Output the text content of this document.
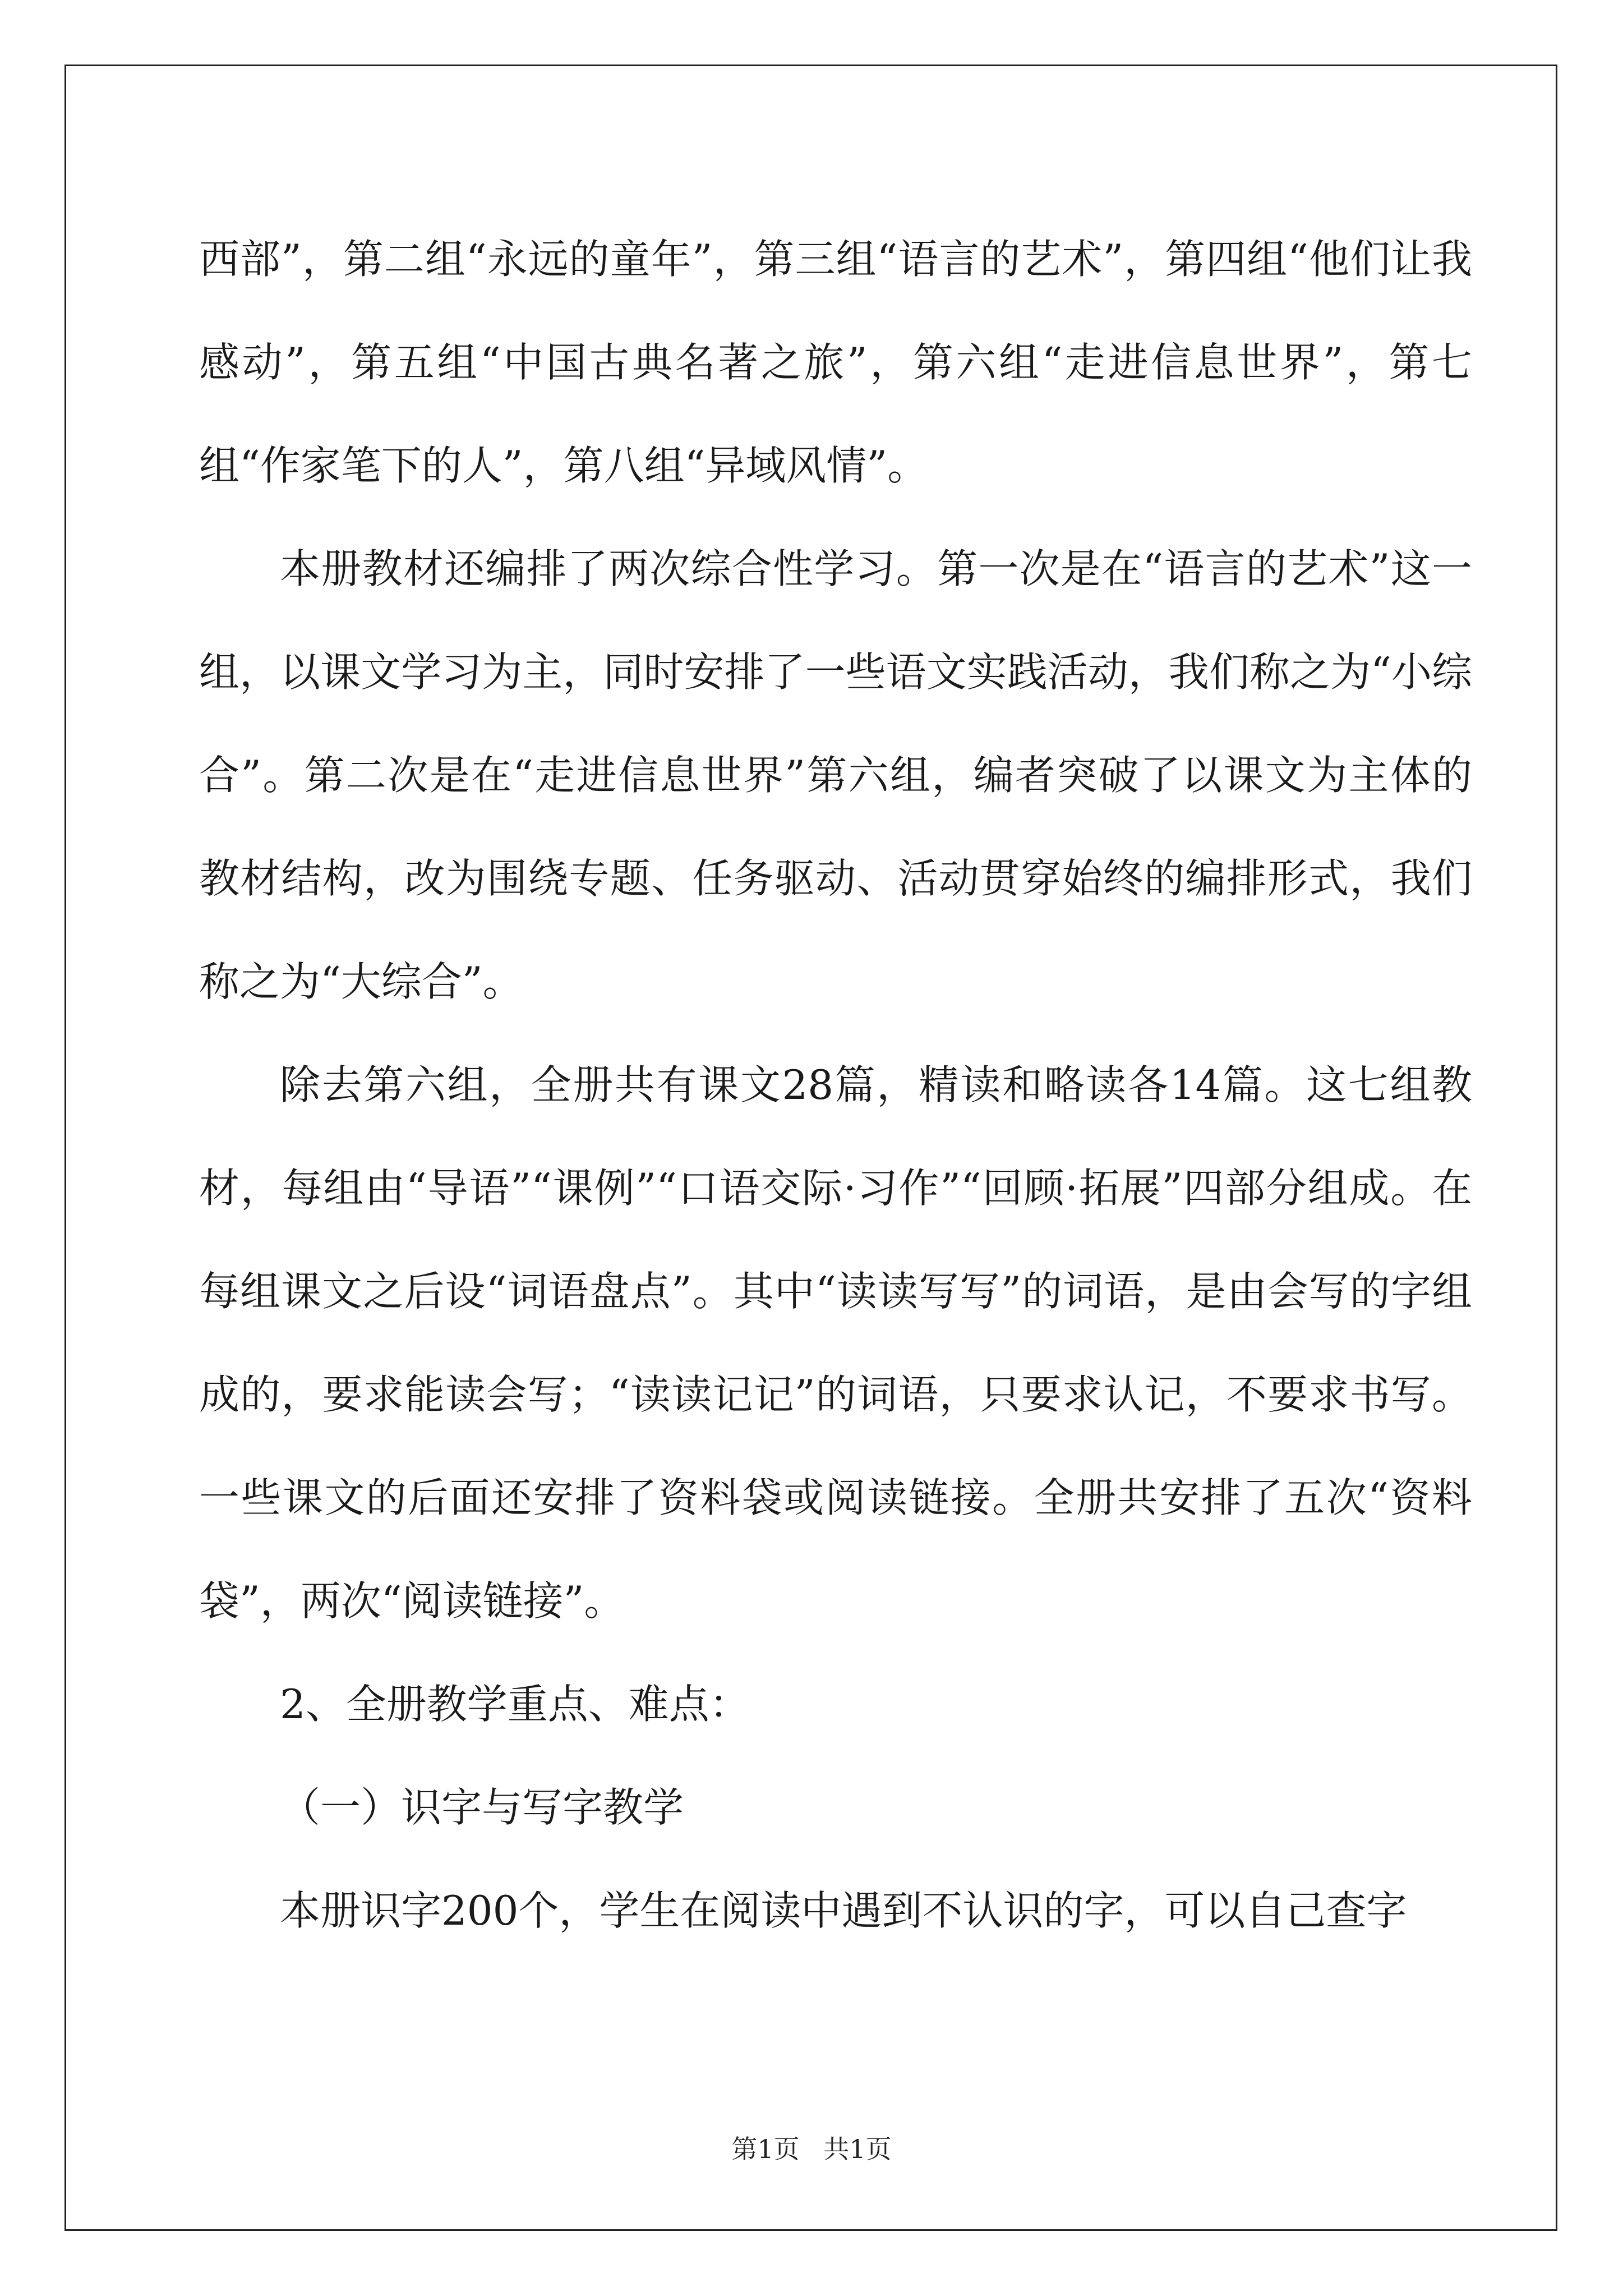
西部”，第二组“永远的童年”，第三组“语言的艺术”，第四组“他们让我感动”，第五组“中国古典名著之旅”，第六组“走进信息世界”，第七组“作家笔下的人”，第八组“异域风情”。

本册教材还编排了两次综合性学习。第一次是在“语言的艺术”这一组，以课文学习为主，同时安排了一些语文实践活动，我们称之为“小综合”。第二次是在“走进信息世界”第六组，编者突破了以课文为主体的教材结构，改为围绕专题、任务驱动、活动贯穿始终的编排形式，我们称之为“大综合”。

除去第六组，全册共有课文28篇，精读和略读各14篇。这七组教材，每组由“导语”“课例”“口语交际·习作”“回顾·拓展”四部分组成。在每组课文之后设“词语盘点”。其中“读读写写”的词语，是由会写的字组成的，要求能读会写；“读读记记”的词语，只要求认记，不要求书写。一些课文的后面还安排了资料袋或阅读链接。全册共安排了五次“资料袋”，两次“阅读链接”。

2、全册教学重点、难点：

（一）识字与写字教学

本册识字200个，学生在阅读中遇到不认识的字，可以自己查字

第1页 共1页
